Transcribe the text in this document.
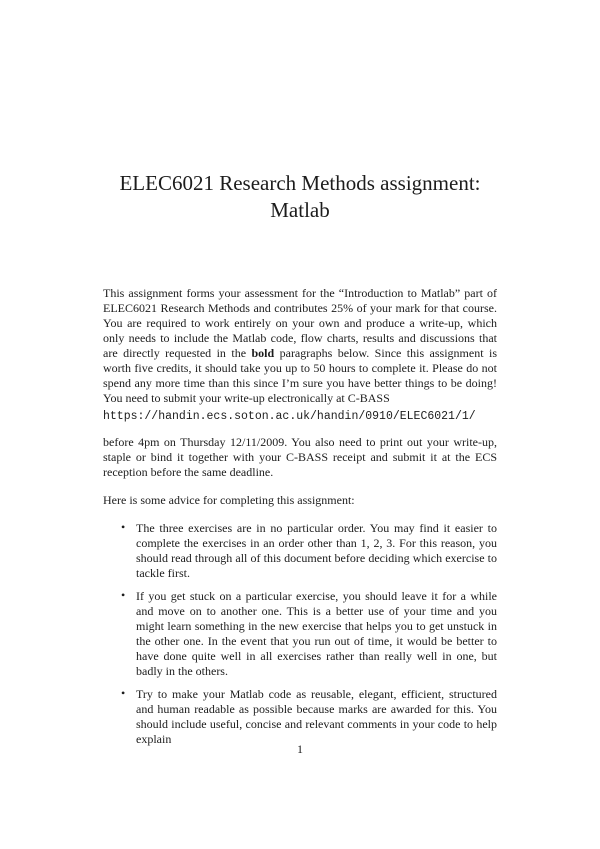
ELEC6021 Research Methods assignment:
Matlab

This assignment forms your assessment for the “Introduction to Matlab” part of ELEC6021 Research Methods and contributes 25% of your mark for that course. You are required to work entirely on your own and produce a write-up, which only needs to include the Matlab code, flow charts, results and discussions that are directly requested in the bold paragraphs below. Since this assignment is worth five credits, it should take you up to 50 hours to complete it. Please do not spend any more time than this since I’m sure you have better things to be doing! You need to submit your write-up electronically at C-BASS

https://handin.ecs.soton.ac.uk/handin/0910/ELEC6021/1/

before 4pm on Thursday 12/11/2009. You also need to print out your write-up, staple or bind it together with your C-BASS receipt and submit it at the ECS reception before the same deadline.

Here is some advice for completing this assignment:

• The three exercises are in no particular order. You may find it easier to complete the exercises in an order other than 1, 2, 3. For this reason, you should read through all of this document before deciding which exercise to tackle first.
• If you get stuck on a particular exercise, you should leave it for a while and move on to another one. This is a better use of your time and you might learn something in the new exercise that helps you to get unstuck in the other one. In the event that you run out of time, it would be better to have done quite well in all exercises rather than really well in one, but badly in the others.
• Try to make your Matlab code as reusable, elegant, efficient, structured and human readable as possible because marks are awarded for this. You should include useful, concise and relevant comments in your code to help explain

1
